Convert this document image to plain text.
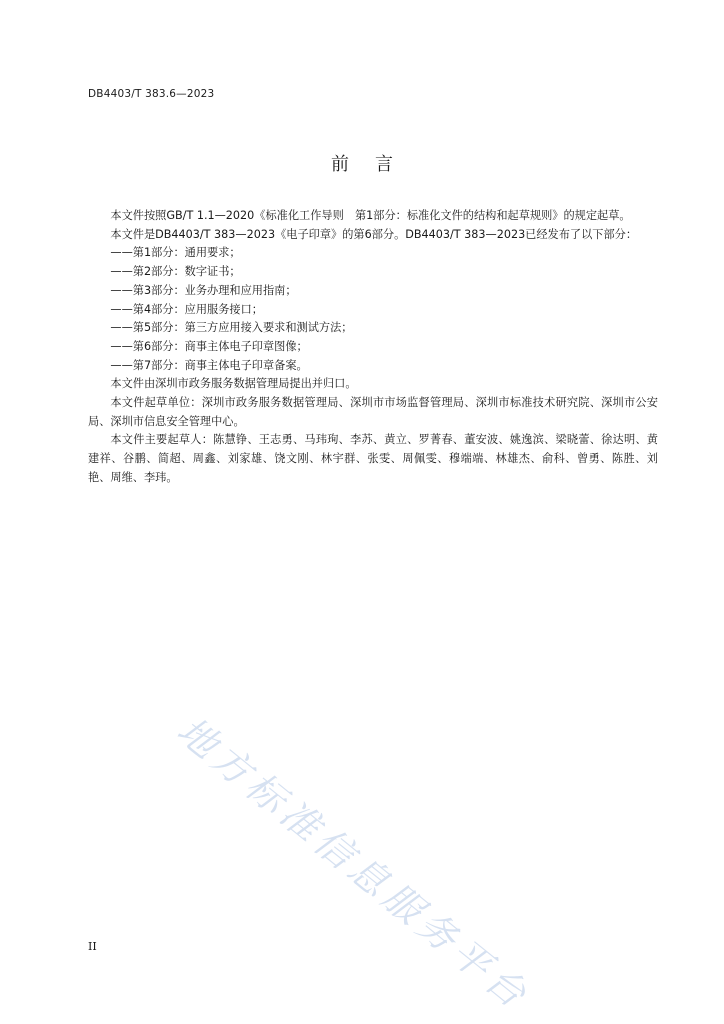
DB4403/T 383.6—2023
前言

本文件按照GB/T 1.1—2020《标准化工作导则　第1部分：标准化文件的结构和起草规则》的规定起草。

本文件是DB4403/T 383—2023《电子印章》的第6部分。DB4403/T 383—2023已经发布了以下部分：

——第1部分：通用要求；

——第2部分：数字证书；

——第3部分：业务办理和应用指南；

——第4部分：应用服务接口；

——第5部分：第三方应用接入要求和测试方法；

——第6部分：商事主体电子印章图像；

——第7部分：商事主体电子印章备案。

本文件由深圳市政务服务数据管理局提出并归口。

本文件起草单位：深圳市政务服务数据管理局、深圳市市场监督管理局、深圳市标准技术研究院、深圳市公安局、深圳市信息安全管理中心。

本文件主要起草人：陈慧铮、王志勇、马玮珣、李苏、黄立、罗菁春、董安波、姚逸滨、梁晓蕾、徐达明、黄建祥、谷鹏、简超、周鑫、刘家雄、饶文刚、林宇群、张雯、周佩雯、穆端端、林雄杰、俞科、曾勇、陈胜、刘艳、周维、李玮。

地方标准信息服务平台
II
